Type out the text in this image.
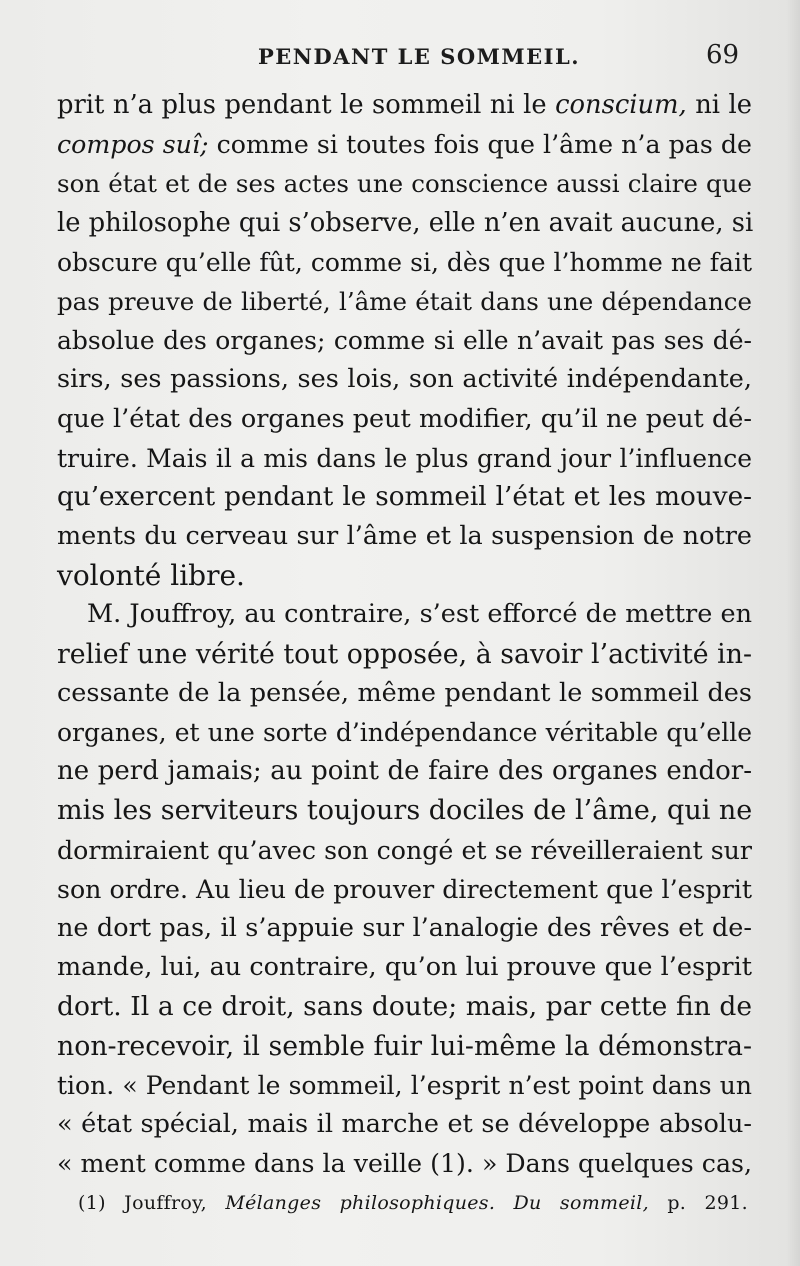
PENDANT LE SOMMEIL.	69
prit n’a plus pendant le sommeil ni le conscium, ni le
compos suî; comme si toutes fois que l’âme n’a pas de
son état et de ses actes une conscience aussi claire que
le philosophe qui s’observe, elle n’en avait aucune, si
obscure qu’elle fût, comme si, dès que l’homme ne fait
pas preuve de liberté, l’âme était dans une dépendance
absolue des organes; comme si elle n’avait pas ses dé-
sirs, ses passions, ses lois, son activité indépendante,
que l’état des organes peut modifier, qu’il ne peut dé-
truire. Mais il a mis dans le plus grand jour l’influence
qu’exercent pendant le sommeil l’état et les mouve-
ments du cerveau sur l’âme et la suspension de notre
volonté libre.
M. Jouffroy, au contraire, s’est efforcé de mettre en
relief une vérité tout opposée, à savoir l’activité in-
cessante de la pensée, même pendant le sommeil des
organes, et une sorte d’indépendance véritable qu’elle
ne perd jamais; au point de faire des organes endor-
mis les serviteurs toujours dociles de l’âme, qui ne
dormiraient qu’avec son congé et se réveilleraient sur
son ordre. Au lieu de prouver directement que l’esprit
ne dort pas, il s’appuie sur l’analogie des rêves et de-
mande, lui, au contraire, qu’on lui prouve que l’esprit
dort. Il a ce droit, sans doute; mais, par cette fin de
non-recevoir, il semble fuir lui-même la démonstra-
tion. « Pendant le sommeil, l’esprit n’est point dans un
« état spécial, mais il marche et se développe absolu-
« ment comme dans la veille (1). » Dans quelques cas,
(1) Jouffroy, Mélanges philosophiques. Du sommeil, p. 291.
